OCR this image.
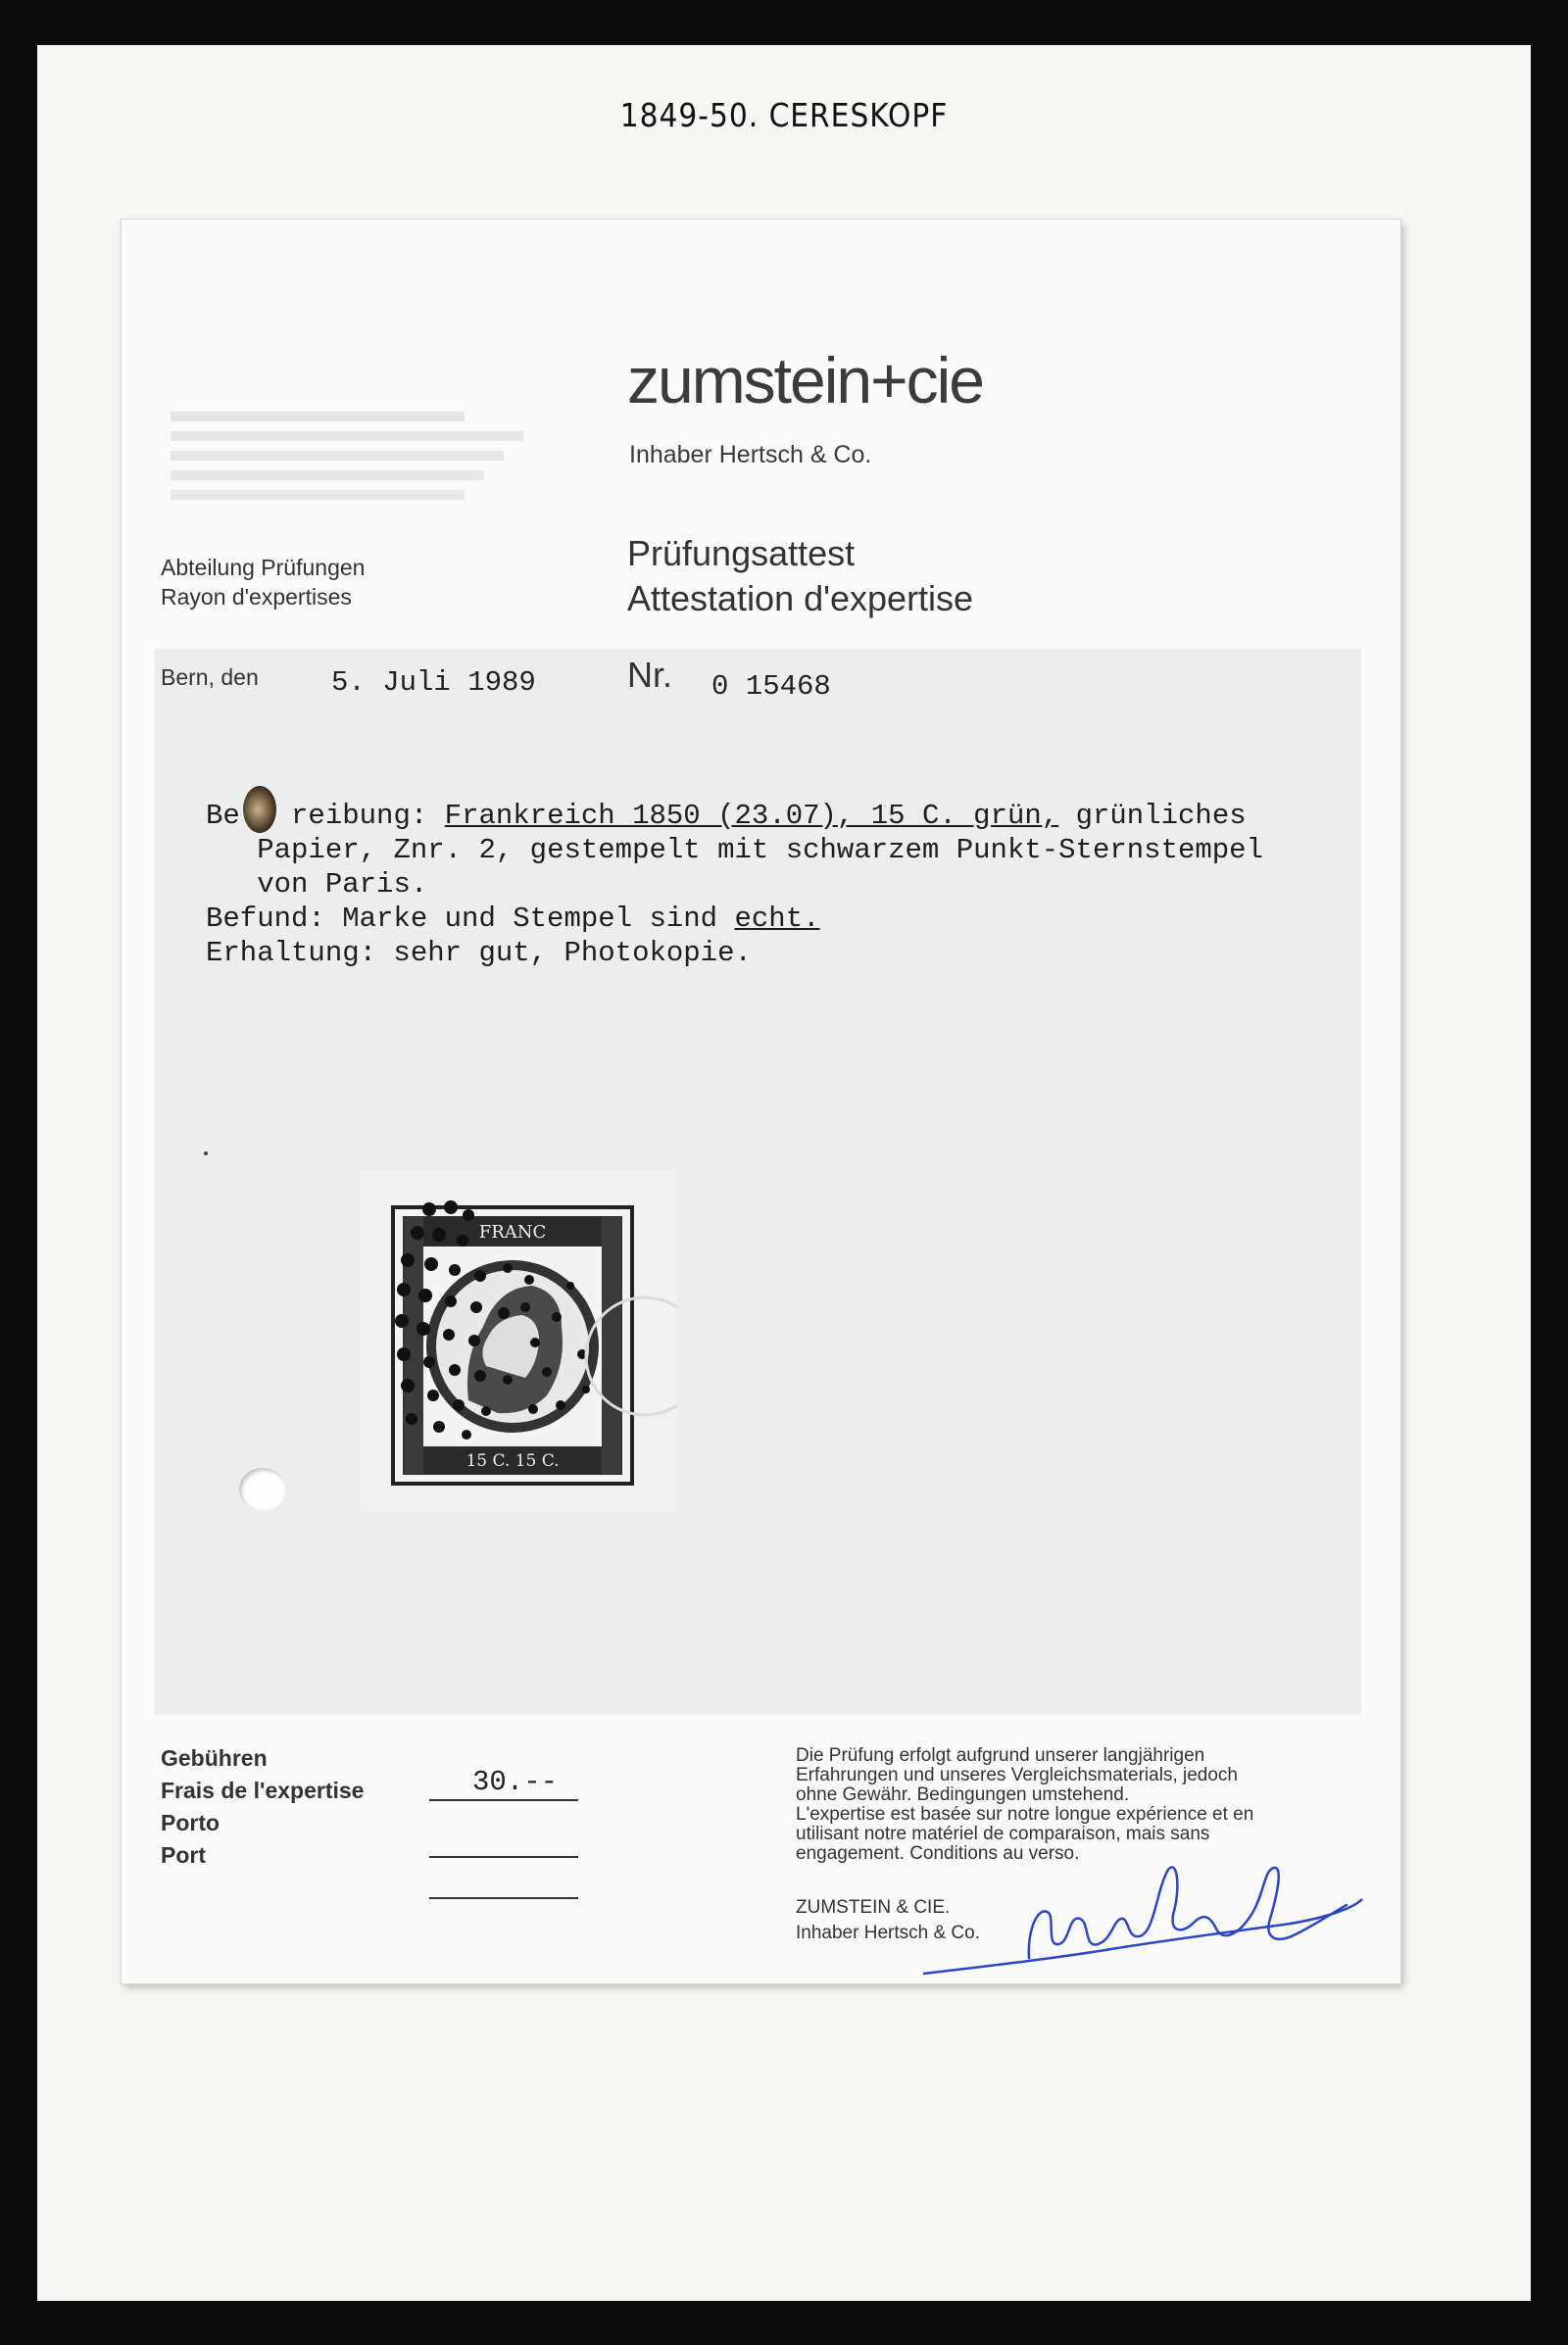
1849-50. CERESKOPF
zumstein+cie
Inhaber Hertsch & Co.
Abteilung Prüfungen
Rayon d'expertises
Prüfungsattest
Attestation d'expertise
Bern, den	5. Juli 1989	Nr. 0 15468
Be reibung: Frankreich 1850 (23.07), 15 C. grün, grünliches
Papier, Znr. 2, gestempelt mit schwarzem Punkt-Sternstempel
von Paris.
Befund: Marke und Stempel sind echt.
Erhaltung: sehr gut, Photokopie.
FRANC
15 C. 15 C.
Gebühren
Frais de l'expertise
Porto
Port
30.--
Die Prüfung erfolgt aufgrund unserer langjährigen
Erfahrungen und unseres Vergleichsmaterials, jedoch
ohne Gewähr. Bedingungen umstehend.
L'expertise est basée sur notre longue expérience et en
utilisant notre matériel de comparaison, mais sans
engagement. Conditions au verso.
ZUMSTEIN & CIE.
Inhaber Hertsch & Co.
